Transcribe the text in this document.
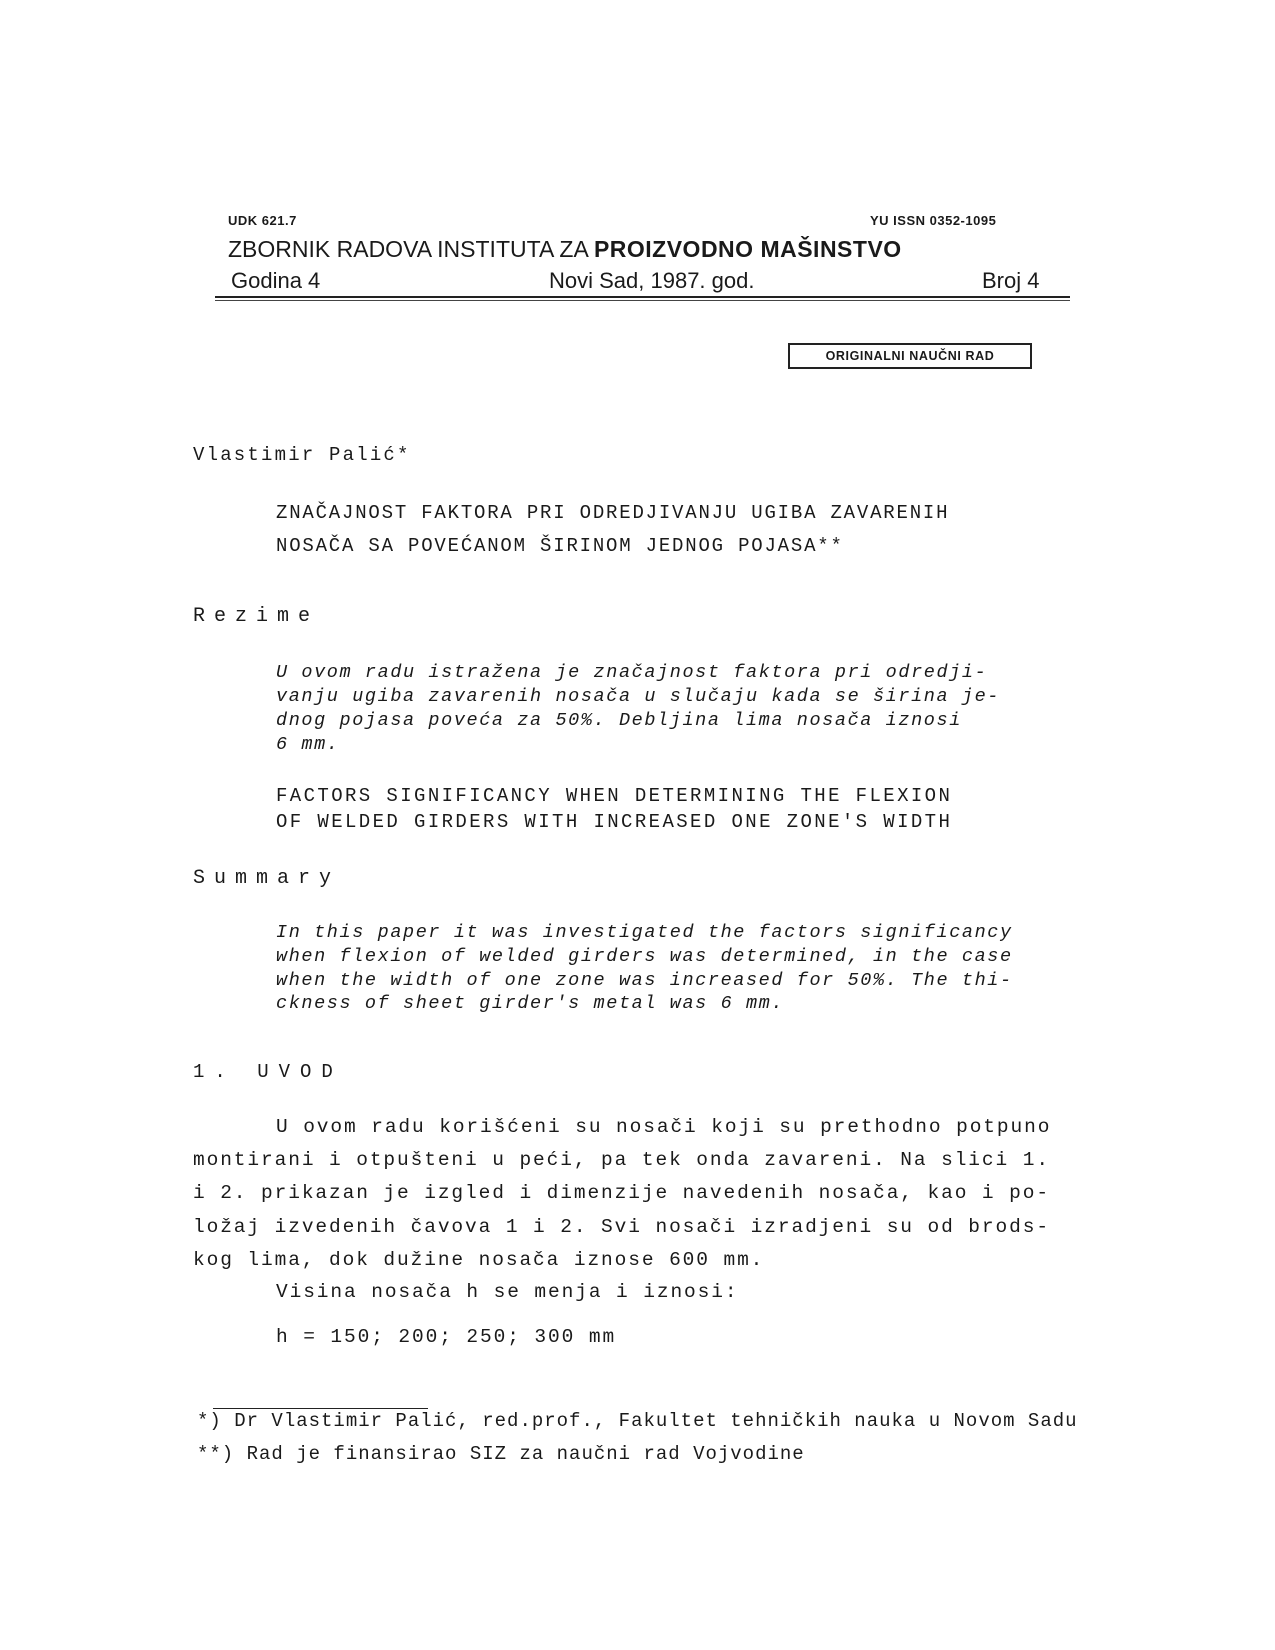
UDK 621.7	YU ISSN 0352-1095
ZBORNIK RADOVA INSTITUTA ZA PROIZVODNO MAŠINSTVO
Godina 4	Novi Sad, 1987. god.	Broj 4
ORIGINALNI NAUČNI RAD
Vlastimir Palić*
ZNAČAJNOST FAKTORA PRI ODREDJIVANJU UGIBA ZAVARENIH
NOSAČA SA POVEĆANOM ŠIRINOM JEDNOG POJASA**
Rezime
U ovom radu istražena je značajnost faktora pri odredji-
vanju ugiba zavarenih nosača u slučaju kada se širina je-
dnog pojasa poveća za 50%. Debljina lima nosača iznosi
6 mm.
FACTORS SIGNIFICANCY WHEN DETERMINING THE FLEXION
OF WELDED GIRDERS WITH INCREASED ONE ZONE'S WIDTH
Summary
In this paper it was investigated the factors significancy
when flexion of welded girders was determined, in the case
when the width of one zone was increased for 50%. The thi-
ckness of sheet girder's metal was 6 mm.
1. UVOD
U ovom radu korišćeni su nosači koji su prethodno potpuno
montirani i otpušteni u peći, pa tek onda zavareni. Na slici 1.
i 2. prikazan je izgled i dimenzije navedenih nosača, kao i po-
ložaj izvedenih čavova 1 i 2. Svi nosači izradjeni su od brods-
kog lima, dok dužine nosača iznose 600 mm.
Visina nosača h se menja i iznosi:
h = 150; 200; 250; 300 mm
*) Dr Vlastimir Palić, red.prof., Fakultet tehničkih nauka u Novom Sadu
**) Rad je finansirao SIZ za naučni rad Vojvodine
